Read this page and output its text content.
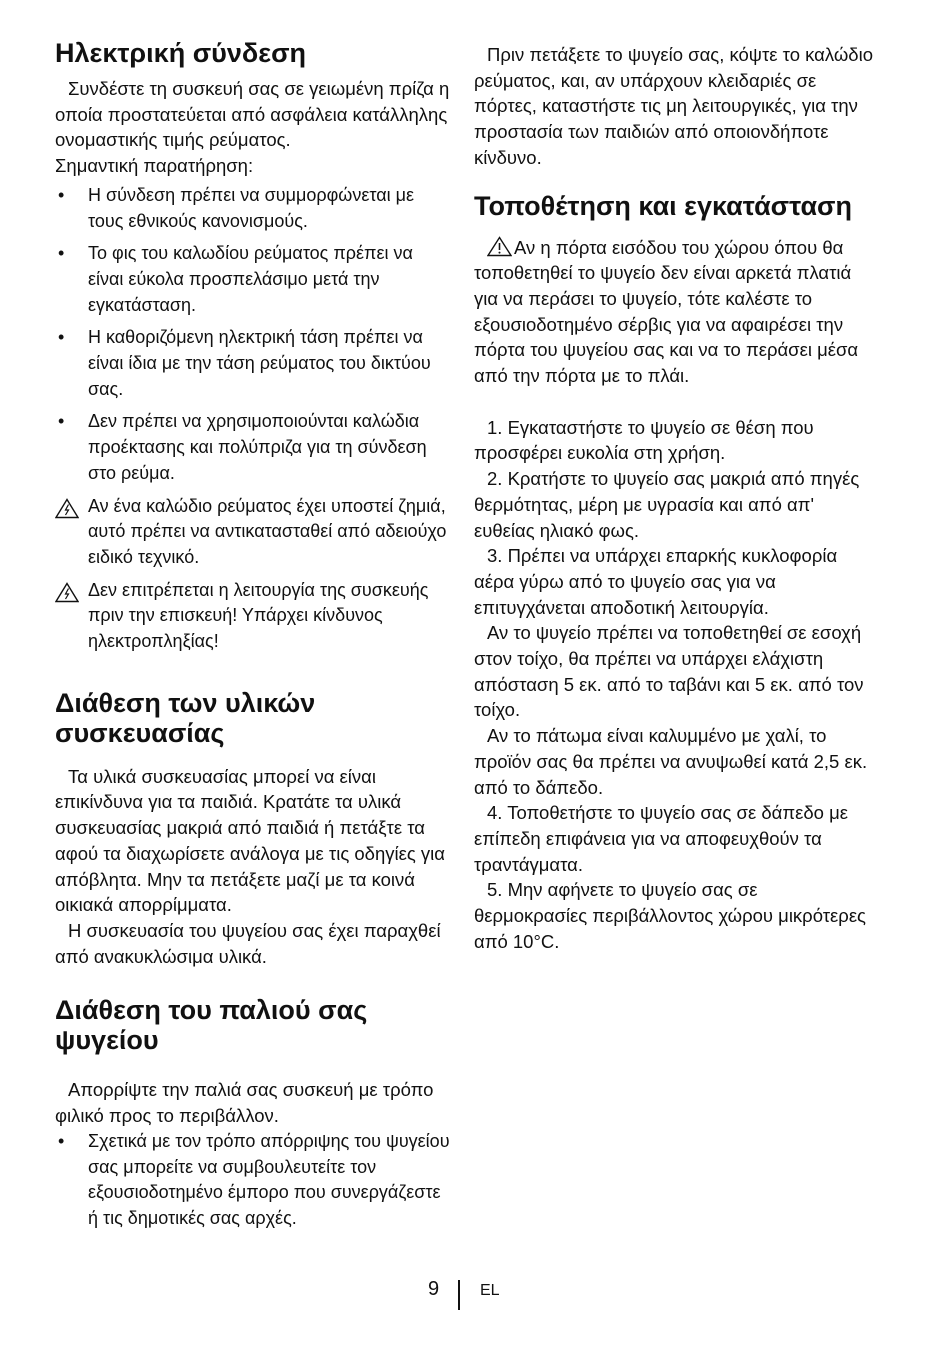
Ηλεκτρική σύνδεση

Συνδέστε τη συσκευή σας σε γειωμένη πρίζα η οποία προστατεύεται από ασφάλεια κατάλληλης ονομαστικής τιμής ρεύματος.

Σημαντική παρατήρηση:

• Η σύνδεση πρέπει να συμμορφώνεται με τους εθνικούς κανονισμούς.
• Το φις του καλωδίου ρεύματος πρέπει να είναι εύκολα προσπελάσιμο μετά την εγκατάσταση.
• Η καθοριζόμενη ηλεκτρική τάση πρέπει να είναι ίδια με την τάση ρεύματος του δικτύου σας.
• Δεν πρέπει να χρησιμοποιούνται καλώδια προέκτασης και πολύπριζα για τη σύνδεση στο ρεύμα.
Αν ένα καλώδιο ρεύματος έχει υποστεί ζημιά, αυτό πρέπει να αντικατασταθεί από αδειούχο ειδικό τεχνικό.
Δεν επιτρέπεται η λειτουργία της συσκευής πριν την επισκευή! Υπάρχει κίνδυνος ηλεκτροπληξίας!
Διάθεση των υλικών συσκευασίας

Τα υλικά συσκευασίας μπορεί να είναι επικίνδυνα για τα παιδιά. Κρατάτε τα υλικά συσκευασίας μακριά από παιδιά ή πετάξτε τα αφού τα διαχωρίσετε ανάλογα με τις οδηγίες για απόβλητα. Μην τα πετάξετε μαζί με τα κοινά οικιακά απορρίμματα.

Η συσκευασία του ψυγείου σας έχει παραχθεί από ανακυκλώσιμα υλικά.

Διάθεση του παλιού σας ψυγείου

Απορρίψτε την παλιά σας συσκευή με τρόπο φιλικό προς το περιβάλλον.

• Σχετικά με τον τρόπο απόρριψης του ψυγείου σας μπορείτε να συμβουλευτείτε τον εξουσιοδοτημένο έμπορο που συνεργάζεστε ή τις δημοτικές σας αρχές.

Πριν πετάξετε το ψυγείο σας, κόψτε το καλώδιο ρεύματος, και, αν υπάρχουν κλειδαριές σε πόρτες, καταστήστε τις μη λειτουργικές, για την προστασία των παιδιών από οποιονδήποτε κίνδυνο.

Τοποθέτηση και εγκατάσταση

Αν η πόρτα εισόδου του χώρου όπου θα τοποθετηθεί το ψυγείο δεν είναι αρκετά πλατιά για να περάσει το ψυγείο, τότε καλέστε το εξουσιοδοτημένο σέρβις για να αφαιρέσει την πόρτα του ψυγείου σας και να το περάσει μέσα από την πόρτα με το πλάι.

1. Εγκαταστήστε το ψυγείο σε θέση που προσφέρει ευκολία στη χρήση.

2. Κρατήστε το ψυγείο σας μακριά από πηγές θερμότητας, μέρη με υγρασία και από απ' ευθείας ηλιακό φως.

3. Πρέπει να υπάρχει επαρκής κυκλοφορία αέρα γύρω από το ψυγείο σας για να επιτυγχάνεται αποδοτική λειτουργία.

Αν το ψυγείο πρέπει να τοποθετηθεί σε εσοχή στον τοίχο, θα πρέπει να υπάρχει ελάχιστη απόσταση 5 εκ. από το ταβάνι και 5 εκ. από τον τοίχο.

Αν το πάτωμα είναι καλυμμένο με χαλί, το προϊόν σας θα πρέπει να ανυψωθεί κατά 2,5 εκ. από το δάπεδο.

4. Τοποθετήστε το ψυγείο σας σε δάπεδο με επίπεδη επιφάνεια για να αποφευχθούν τα τραντάγματα.

5. Μην αφήνετε το ψυγείο σας σε θερμοκρασίες περιβάλλοντος χώρου μικρότερες από 10°C.

9	EL
